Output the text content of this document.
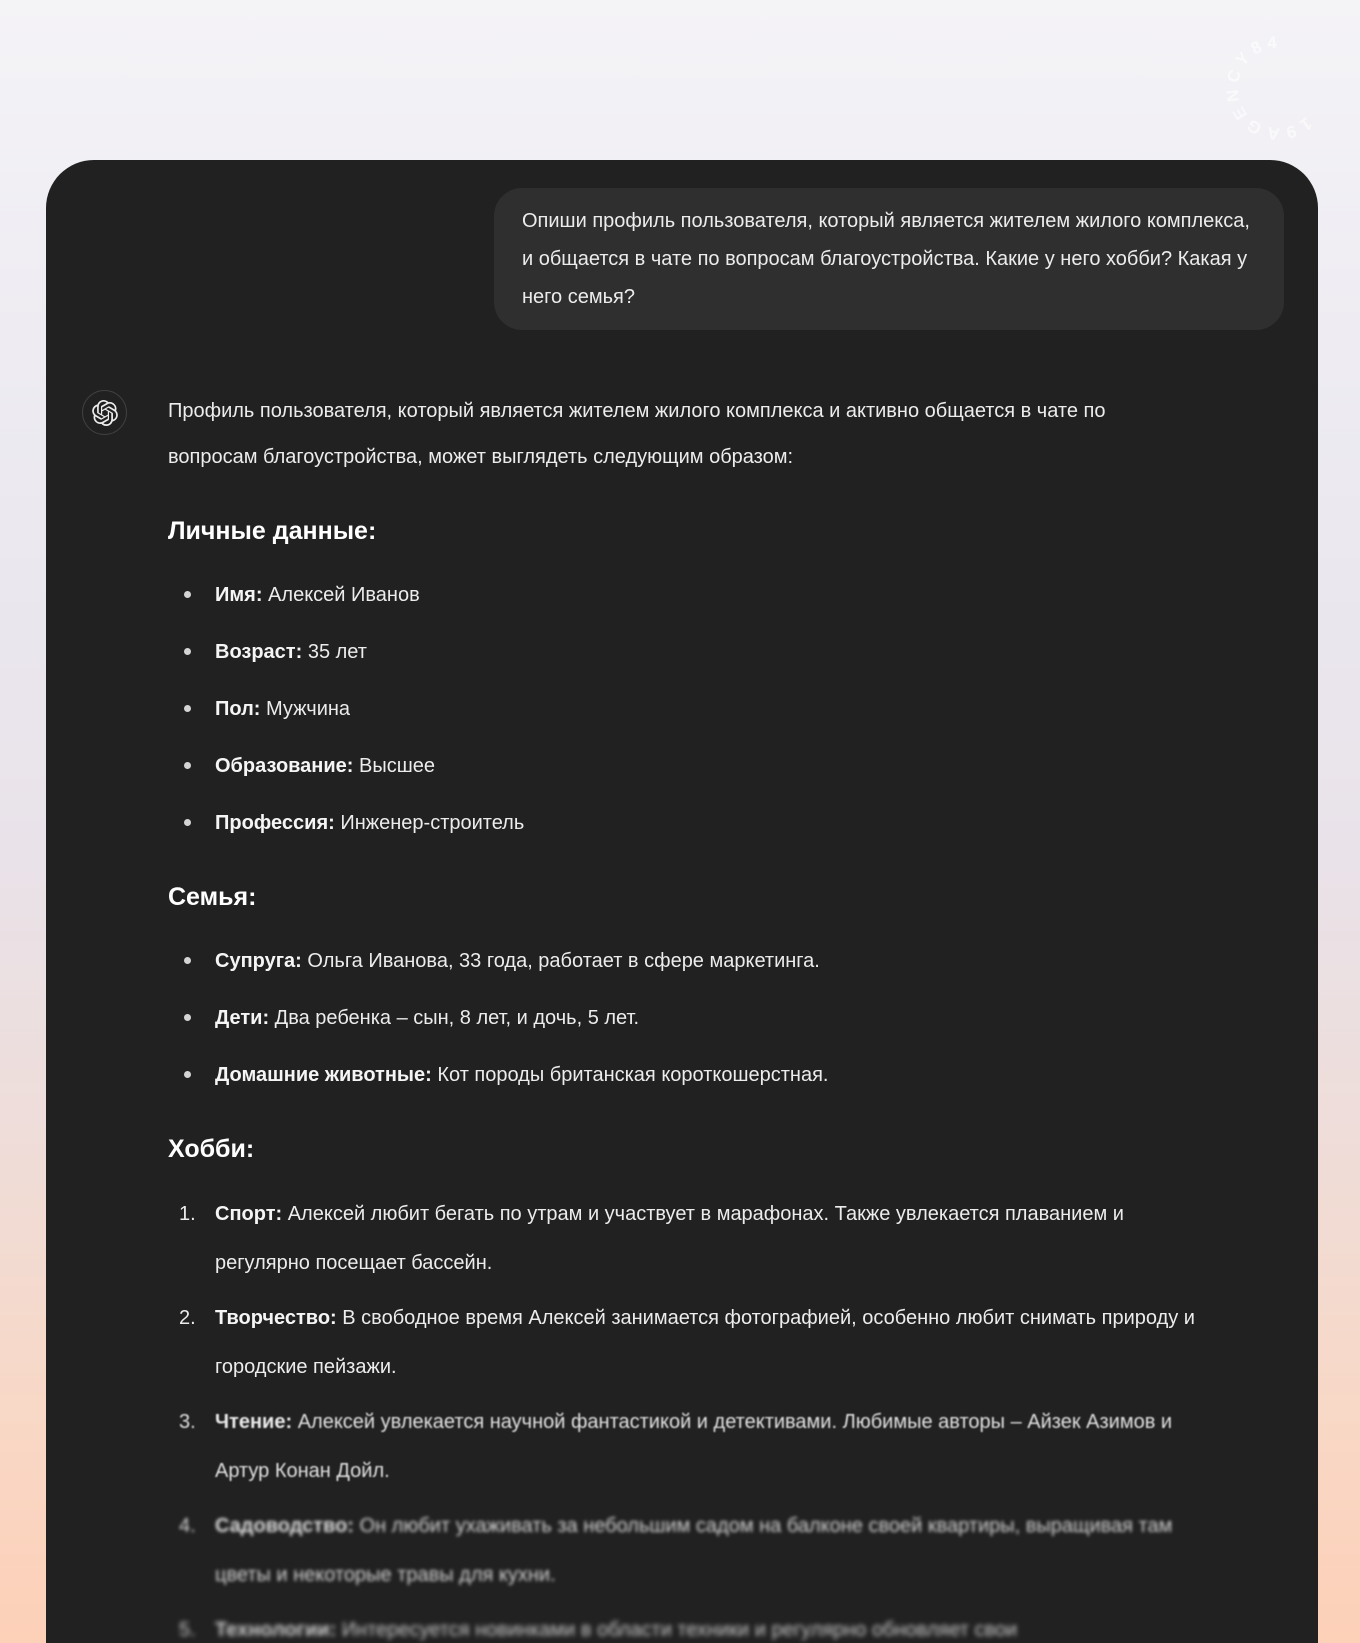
19AGENCY84
Опиши профиль пользователя, который является жителем жилого комплекса, и общается в чате по вопросам благоустройства. Какие у него хобби? Какая у него семья?

Профиль пользователя, который является жителем жилого комплекса и активно общается в чате по вопросам благоустройства, может выглядеть следующим образом:

Личные данные:
Имя: Алексей Иванов
Возраст: 35 лет
Пол: Мужчина
Образование: Высшее
Профессия: Инженер-строитель
Семья:
Супруга: Ольга Иванова, 33 года, работает в сфере маркетинга.
Дети: Два ребенка – сын, 8 лет, и дочь, 5 лет.
Домашние животные: Кот породы британская короткошерстная.
Хобби:
1. Спорт: Алексей любит бегать по утрам и участвует в марафонах. Также увлекается плаванием и регулярно посещает бассейн.
2. Творчество: В свободное время Алексей занимается фотографией, особенно любит снимать природу и городские пейзажи.
3. Чтение: Алексей увлекается научной фантастикой и детективами. Любимые авторы – Айзек Азимов и Артур Конан Дойл.
4. Садоводство: Он любит ухаживать за небольшим садом на балконе своей квартиры, выращивая там цветы и некоторые травы для кухни.
5. Технологии: Интересуется новинками в области техники и регулярно обновляет свои
